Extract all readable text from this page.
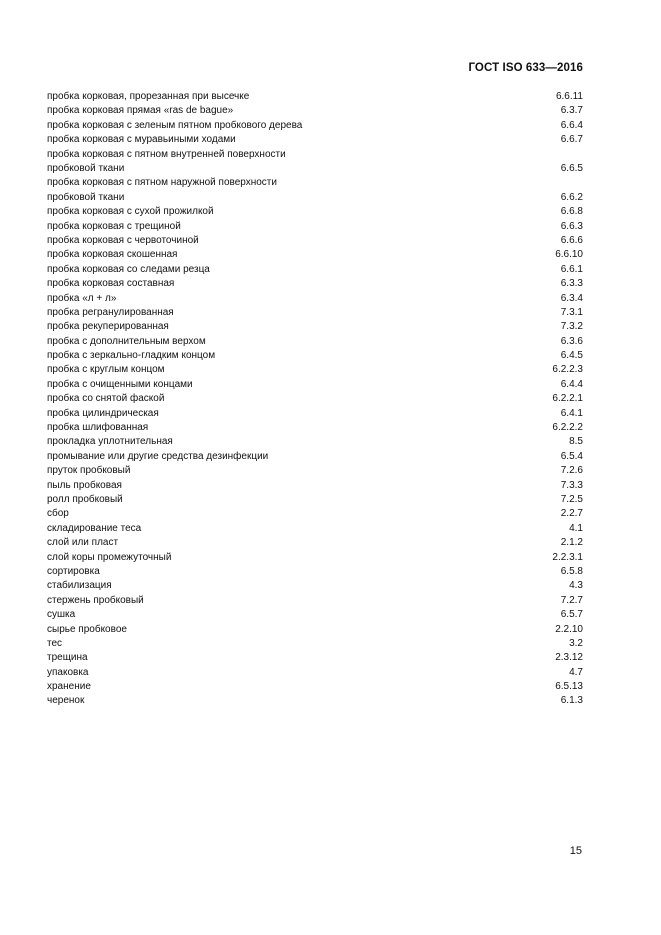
ГОСТ ISO 633—2016
пробка корковая, прорезанная при высечке	6.6.11
пробка корковая прямая «ras de bague»	6.3.7
пробка корковая с зеленым пятном пробкового дерева	6.6.4
пробка корковая с муравьиными ходами	6.6.7
пробка корковая с пятном внутренней поверхности
пробковой ткани	6.6.5
пробка корковая с пятном наружной поверхности
пробковой ткани	6.6.2
пробка корковая с сухой прожилкой	6.6.8
пробка корковая с трещиной	6.6.3
пробка корковая с червоточиной	6.6.6
пробка корковая скошенная	6.6.10
пробка корковая со следами резца	6.6.1
пробка корковая составная	6.3.3
пробка «л + л»	6.3.4
пробка регранулированная	7.3.1
пробка рекуперированная	7.3.2
пробка с дополнительным верхом	6.3.6
пробка с зеркально-гладким концом	6.4.5
пробка с круглым концом	6.2.2.3
пробка с очищенными концами	6.4.4
пробка со снятой фаской	6.2.2.1
пробка цилиндрическая	6.4.1
пробка шлифованная	6.2.2.2
прокладка уплотнительная	8.5
промывание или другие средства дезинфекции	6.5.4
пруток пробковый	7.2.6
пыль пробковая	7.3.3
ролл пробковый	7.2.5
сбор	2.2.7
складирование теса	4.1
слой или пласт	2.1.2
слой коры промежуточный	2.2.3.1
сортировка	6.5.8
стабилизация	4.3
стержень пробковый	7.2.7
сушка	6.5.7
сырье пробковое	2.2.10
тес	3.2
трещина	2.3.12
упаковка	4.7
хранение	6.5.13
черенок	6.1.3
15
